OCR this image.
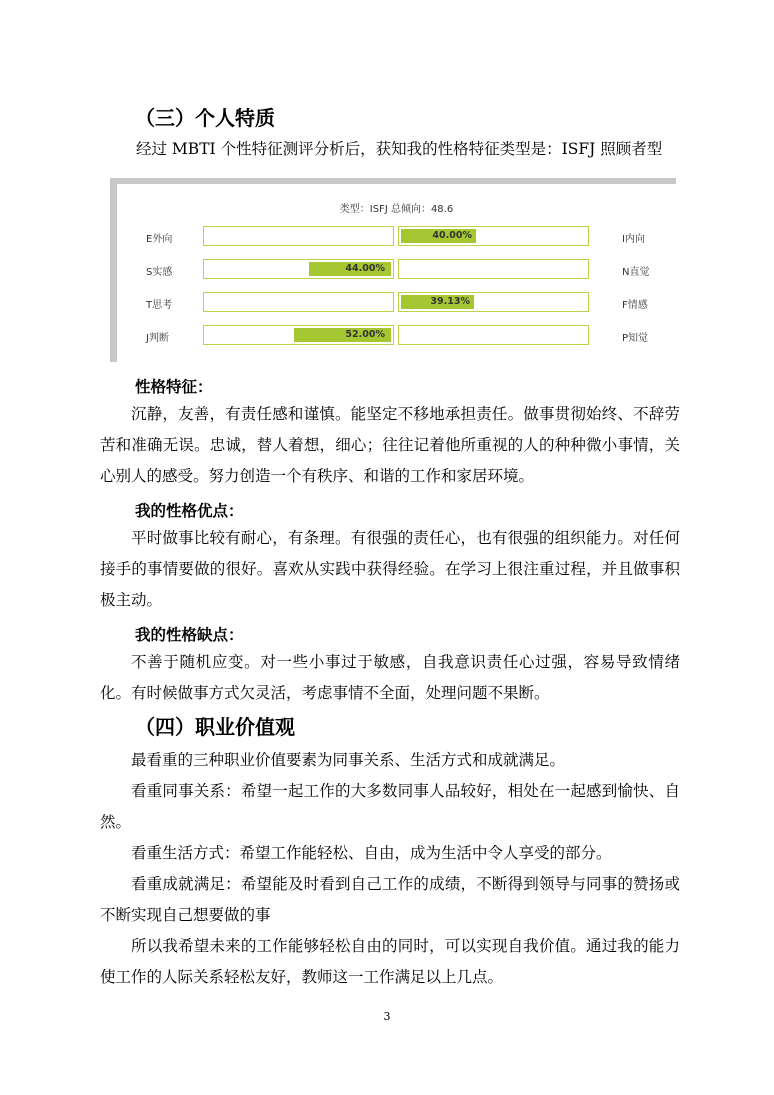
（三）个人特质
经过 MBTI 个性特征测评分析后，获知我的性格特征类型是：ISFJ 照顾者型
类型：ISFJ 总倾向：48.6
E外向	I内向
40.00%
S实感	N直觉
44.00%
T思考	F情感
39.13%
J判断	P知觉
52.00%
性格特征：

沉静，友善，有责任感和谨慎。能坚定不移地承担责任。做事贯彻始终、不辞劳苦和准确无误。忠诚，替人着想，细心；往往记着他所重视的人的种种微小事情，关心别人的感受。努力创造一个有秩序、和谐的工作和家居环境。

我的性格优点：

平时做事比较有耐心，有条理。有很强的责任心，也有很强的组织能力。对任何接手的事情要做的很好。喜欢从实践中获得经验。在学习上很注重过程，并且做事积极主动。

我的性格缺点：

不善于随机应变。对一些小事过于敏感，自我意识责任心过强，容易导致情绪化。有时候做事方式欠灵活，考虑事情不全面，处理问题不果断。

（四）职业价值观

最看重的三种职业价值要素为同事关系、生活方式和成就满足。

看重同事关系：希望一起工作的大多数同事人品较好，相处在一起感到愉快、自然。

看重生活方式：希望工作能轻松、自由，成为生活中令人享受的部分。

看重成就满足：希望能及时看到自己工作的成绩，不断得到领导与同事的赞扬或不断实现自己想要做的事

所以我希望未来的工作能够轻松自由的同时，可以实现自我价值。通过我的能力使工作的人际关系轻松友好，教师这一工作满足以上几点。

3
